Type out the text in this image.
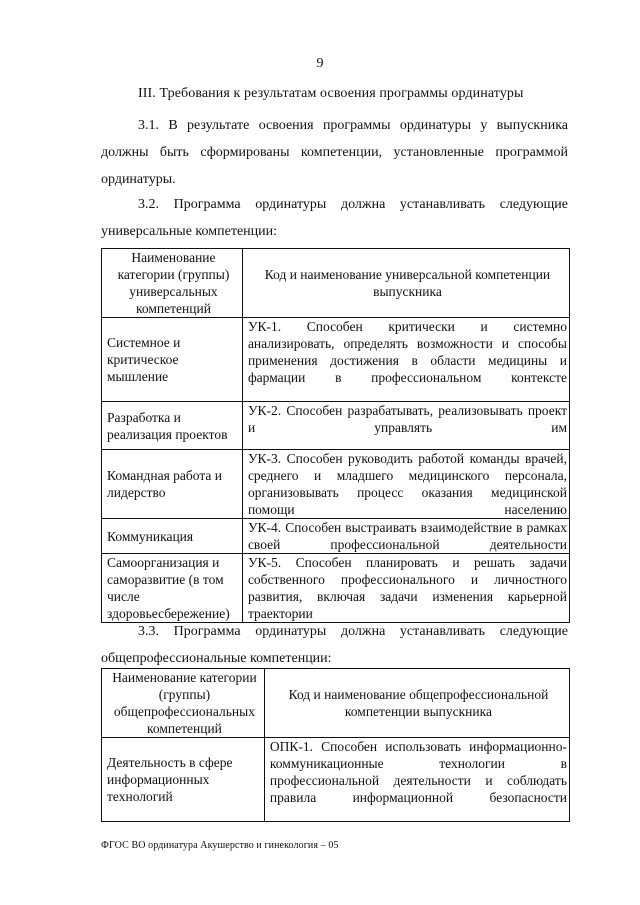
9
III. Требования к результатам освоения программы ординатуры
3.1. В результате освоения программы ординатуры у выпускника должны быть сформированы компетенции, установленные программой ординатуры.
3.2. Программа ординатуры должна устанавливать следующие универсальные компетенции:
Наименование категории (группы) универсальных компетенций	Код и наименование универсальной компетенции выпускника
Системное и критическое мышление	УК-1. Способен критически и системно анализировать, определять возможности и способы применения достижения в области медицины и фармации в профессиональном контексте
Разработка и реализация проектов	УК-2. Способен разрабатывать, реализовывать проект и управлять им
Командная работа и лидерство	УК-3. Способен руководить работой команды врачей, среднего и младшего медицинского персонала, организовывать процесс оказания медицинской помощи населению
Коммуникация	УК-4. Способен выстраивать взаимодействие в рамках своей профессиональной деятельности
Самоорганизация и саморазвитие (в том числе здоровьесбережение)	УК-5. Способен планировать и решать задачи собственного профессионального и личностного развития, включая задачи изменения карьерной траектории
3.3. Программа ординатуры должна устанавливать следующие общепрофессиональные компетенции:
Наименование категории (группы) общепрофессиональных компетенций	Код и наименование общепрофессиональной компетенции выпускника
Деятельность в сфере информационных технологий	ОПК-1. Способен использовать информационно-коммуникационные технологии в профессиональной деятельности и соблюдать правила информационной безопасности
ФГОС ВО ординатура Акушерство и гинекология – 05
